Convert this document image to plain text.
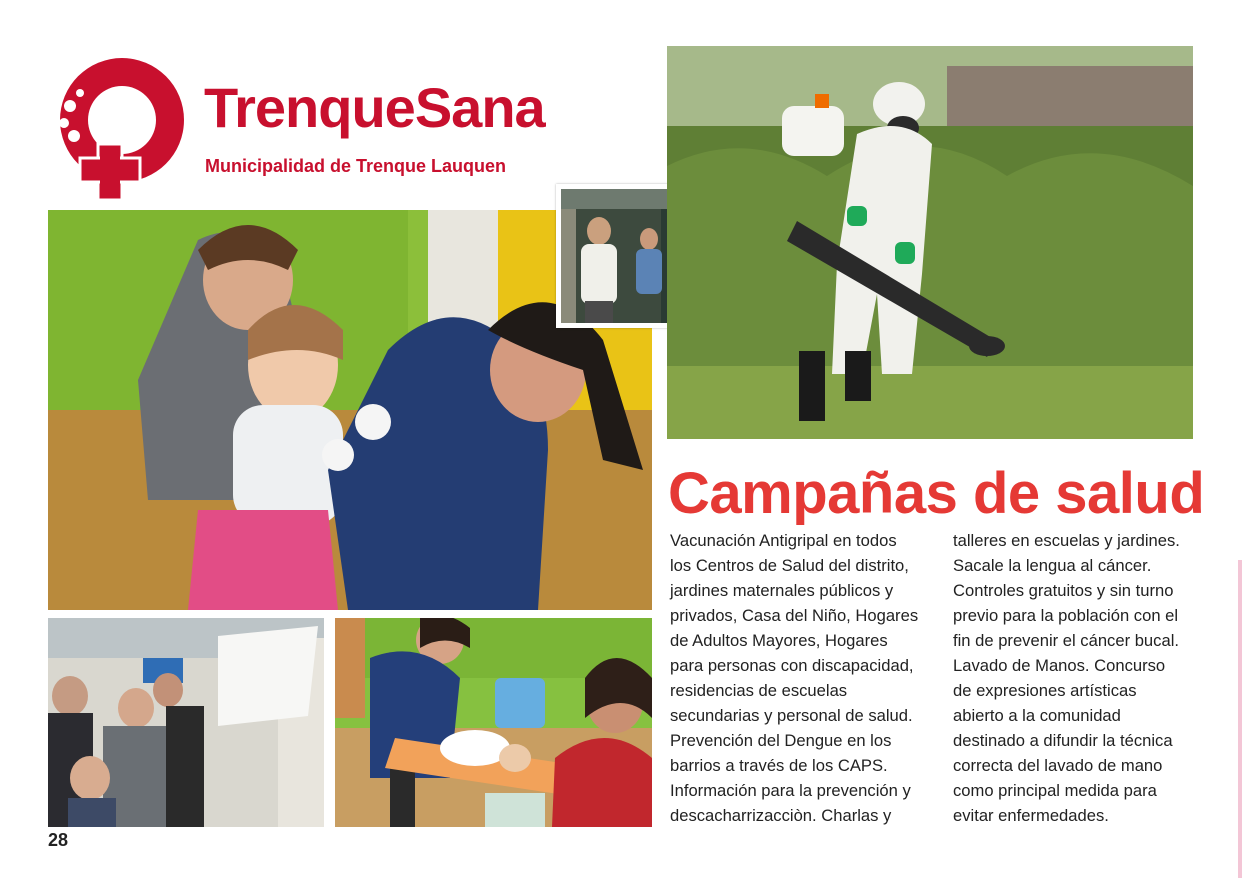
TrenqueSana
Municipalidad de Trenque Lauquen
Campañas de salud
Vacunación Antigripal en todos
los Centros de Salud del distrito,
jardines maternales públicos y
privados, Casa del Niño, Hogares
de Adultos Mayores, Hogares
para personas con discapacidad,
residencias de escuelas
secundarias y personal de salud.
Prevención del Dengue en los
barrios a través de los CAPS.
Información para la prevención y
descacharrizacciòn. Charlas y
talleres en escuelas y jardines.
Sacale la lengua al cáncer.
Controles gratuitos y sin turno
previo para la población con el
fin de prevenir el cáncer bucal.
Lavado de Manos. Concurso
de expresiones artísticas
abierto a la comunidad
destinado a difundir la técnica
correcta del lavado de mano
como principal medida para
evitar enfermedades.
28
